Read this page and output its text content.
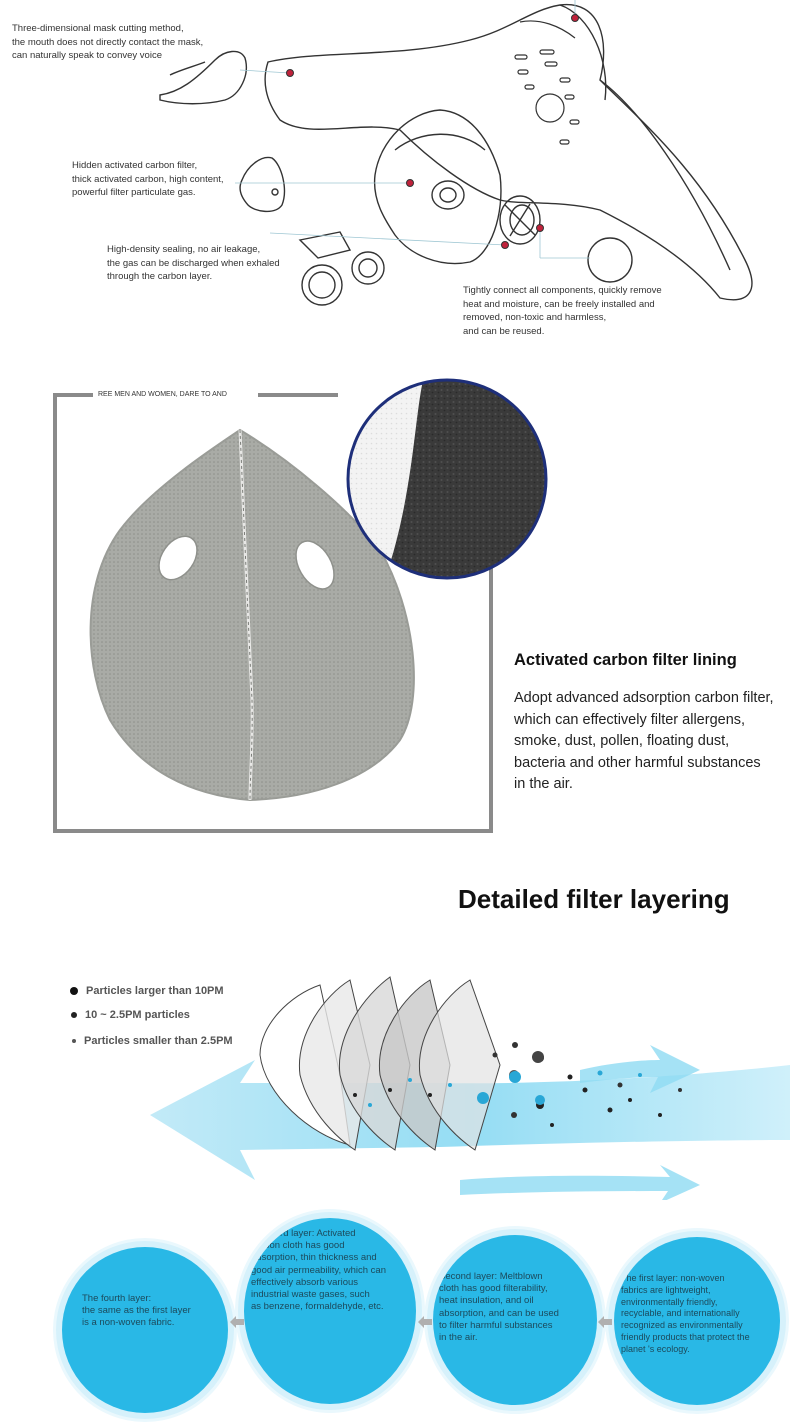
Three-dimensional mask cutting method,
the mouth does not directly contact the mask,
can naturally speak to convey voice
Hidden activated carbon filter,
thick activated carbon, high content,
powerful filter particulate gas.
High-density sealing, no air leakage,
the gas can be discharged when exhaled
through the carbon layer.
Tightly connect all components, quickly remove
heat and moisture, can be freely installed and
removed, non-toxic and harmless,
and can be reused.
REE MEN AND WOMEN, DARE TO AND
Activated carbon filter lining
Adopt advanced adsorption carbon filter,
which can effectively filter allergens,
smoke, dust, pollen, floating dust,
bacteria and other harmful substances
in the air.
Detailed filter layering
Particles larger than 10PM
10 ~ 2.5PM particles
Particles smaller than 2.5PM
The fourth layer:
the same as the first layer
is a non-woven fabric.
The third layer: Activated
carbon cloth has good
adsorption, thin thickness and
good air permeability, which can
effectively absorb various
industrial waste gases, such
as benzene, formaldehyde, etc.
Second layer: Meltblown
cloth has good filterability,
heat insulation, and oil
absorption, and can be used
to filter harmful substances
in the air.
The first layer: non-woven
fabrics are lightweight,
environmentally friendly,
recyclable, and internationally
recognized as environmentally
friendly products that protect the
planet 's ecology.
